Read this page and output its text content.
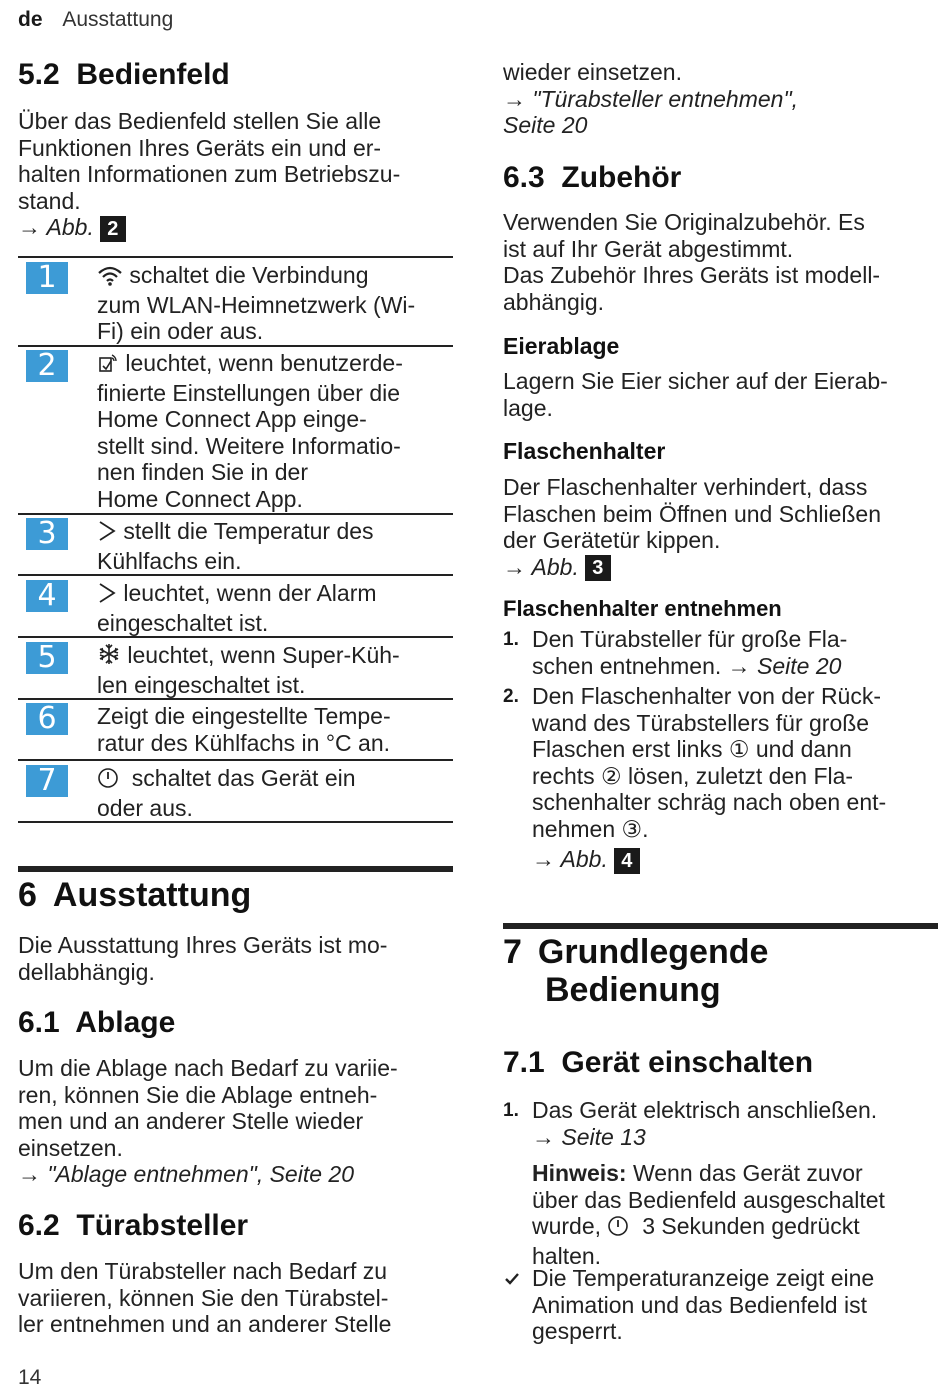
de Ausstattung
5.2  Bedienfeld
Über das Bedienfeld stellen Sie alle
Funktionen Ihres Geräts ein und er-
halten Informationen zum Betriebszu-
stand.
→ Abb. 2
1	schaltet die Verbindung
zum WLAN-Heimnetzwerk (Wi-
Fi) ein oder aus.
2	leuchtet, wenn benutzerde-
finierte Einstellungen über die
Home Connect App einge-
stellt sind. Weitere Informatio-
nen finden Sie in der
Home Connect App.
3	stellt die Temperatur des
Kühlfachs ein.
4	leuchtet, wenn der Alarm
eingeschaltet ist.
5	leuchtet, wenn Super-Küh-
len eingeschaltet ist.
6	Zeigt die eingestellte Tempe-
ratur des Kühlfachs in °C an.
7	schaltet das Gerät ein
oder aus.
6 Ausstattung
Die Ausstattung Ihres Geräts ist mo-
dellabhängig.
6.1  Ablage
Um die Ablage nach Bedarf zu variie-
ren, können Sie die Ablage entneh-
men und an anderer Stelle wieder
einsetzen.
→ "Ablage entnehmen", Seite 20
6.2  Türabsteller
Um den Türabsteller nach Bedarf zu
variieren, können Sie den Türabstel-
ler entnehmen und an anderer Stelle
14
wieder einsetzen.
→ "Türabsteller entnehmen",
Seite 20
6.3  Zubehör
Verwenden Sie Originalzubehör. Es
ist auf Ihr Gerät abgestimmt.
Das Zubehör Ihres Geräts ist modell-
abhängig.
Eierablage
Lagern Sie Eier sicher auf der Eierab-
lage.
Flaschenhalter
Der Flaschenhalter verhindert, dass
Flaschen beim Öffnen und Schließen
der Gerätetür kippen.
→ Abb. 3
Flaschenhalter entnehmen
1. Den Türabsteller für große Fla-
schen entnehmen. → Seite 20
2. Den Flaschenhalter von der Rück-
wand des Türabstellers für große
Flaschen erst links ① und dann
rechts ② lösen, zuletzt den Fla-
schenhalter schräg nach oben ent-
nehmen ③.
→ Abb. 4
7 Grundlegende
Bedienung
7.1  Gerät einschalten
1. Das Gerät elektrisch anschließen.
→ Seite 13
Hinweis: Wenn das Gerät zuvor
über das Bedienfeld ausgeschaltet
wurde, 3 Sekunden gedrückt
halten.
Die Temperaturanzeige zeigt eine
Animation und das Bedienfeld ist
gesperrt.
